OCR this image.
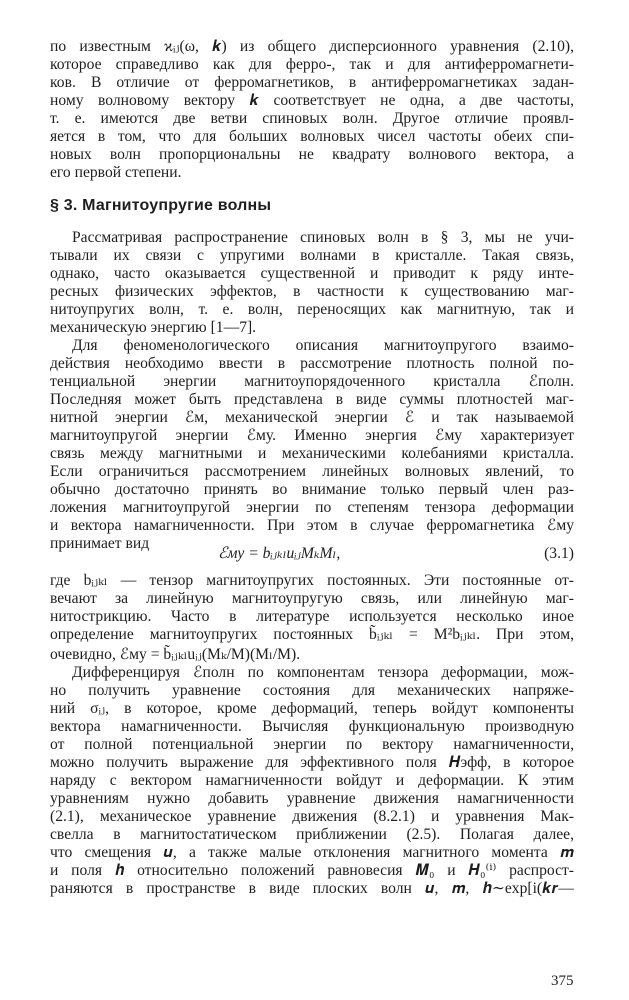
по известным ϰᵢⱼ(ω, 𝒌) из общего дисперсионного уравнения (2.10),
которое справедливо как для ферро-, так и для антиферромагнети-
ков. В отличие от ферромагнетиков, в антиферромагнетиках задан-
ному волновому вектору 𝒌 соответствует не одна, а две частоты,
т. е. имеются две ветви спиновых волн. Другое отличие проявл-
яется в том, что для больших волновых чисел частоты обеих спи-
новых волн пропорциональны не квадрату волнового вектора, а
его первой степени.
§ 3. Магнитоупругие волны
Рассматривая распространение спиновых волн в § 3, мы не учи-
тывали их связи с упругими волнами в кристалле. Такая связь,
однако, часто оказывается существенной и приводит к ряду инте-
ресных физических эффектов, в частности к существованию маг-
нитоупругих волн, т. е. волн, переносящих как магнитную, так и
механическую энергию [1—7].
Для феноменологического описания магнитоупругого взаимо-
действия необходимо ввести в рассмотрение плотность полной по-
тенциальной энергии магнитоупорядоченного кристалла ℰполн.
Последняя может быть представлена в виде суммы плотностей маг-
нитной энергии ℰм, механической энергии ℰ и так называемой
магнитоупругой энергии ℰму. Именно энергия ℰму характеризует
связь между магнитными и механическими колебаниями кристалла.
Если ограничиться рассмотрением линейных волновых явлений, то
обычно достаточно принять во внимание только первый член раз-
ложения магнитоупругой энергии по степеням тензора деформации
и вектора намагниченности. При этом в случае ферромагнетика ℰму
принимает вид
ℰму = bᵢⱼₖₗuᵢⱼMₖMₗ,	(3.1)
где bᵢⱼₖₗ — тензор магнитоупругих постоянных. Эти постоянные от-
вечают за линейную магнитоупругую связь, или линейную маг-
нитострикцию. Часто в литературе используется несколько иное
определение магнитоупругих постоянных b̃ᵢⱼₖₗ = M²bᵢⱼₖₗ. При этом,
очевидно, ℰму = b̃ᵢⱼₖₗuᵢⱼ(Mₖ/M)(Mₗ/M).
Дифференцируя ℰполн по компонентам тензора деформации, мож-
но получить уравнение состояния для механических напряже-
ний σᵢⱼ, в которое, кроме деформаций, теперь войдут компоненты
вектора намагниченности. Вычисляя функциональную производную
от полной потенциальной энергии по вектору намагниченности,
можно получить выражение для эффективного поля 𝑯эфф, в которое
наряду с вектором намагниченности войдут и деформации. К этим
уравнениям нужно добавить уравнение движения намагниченности
(2.1), механическое уравнение движения (8.2.1) и уравнения Мак-
свелла в магнитостатическом приближении (2.5). Полагая далее,
что смещения 𝒖, а также малые отклонения магнитного момента 𝒎
и поля 𝒉 относительно положений равновесия 𝑴₀ и 𝑯₀⁽ⁱ⁾ распрост-
раняются в пространстве в виде плоских волн 𝒖, 𝒎, 𝒉∼exp[i(𝒌𝒓—
375
